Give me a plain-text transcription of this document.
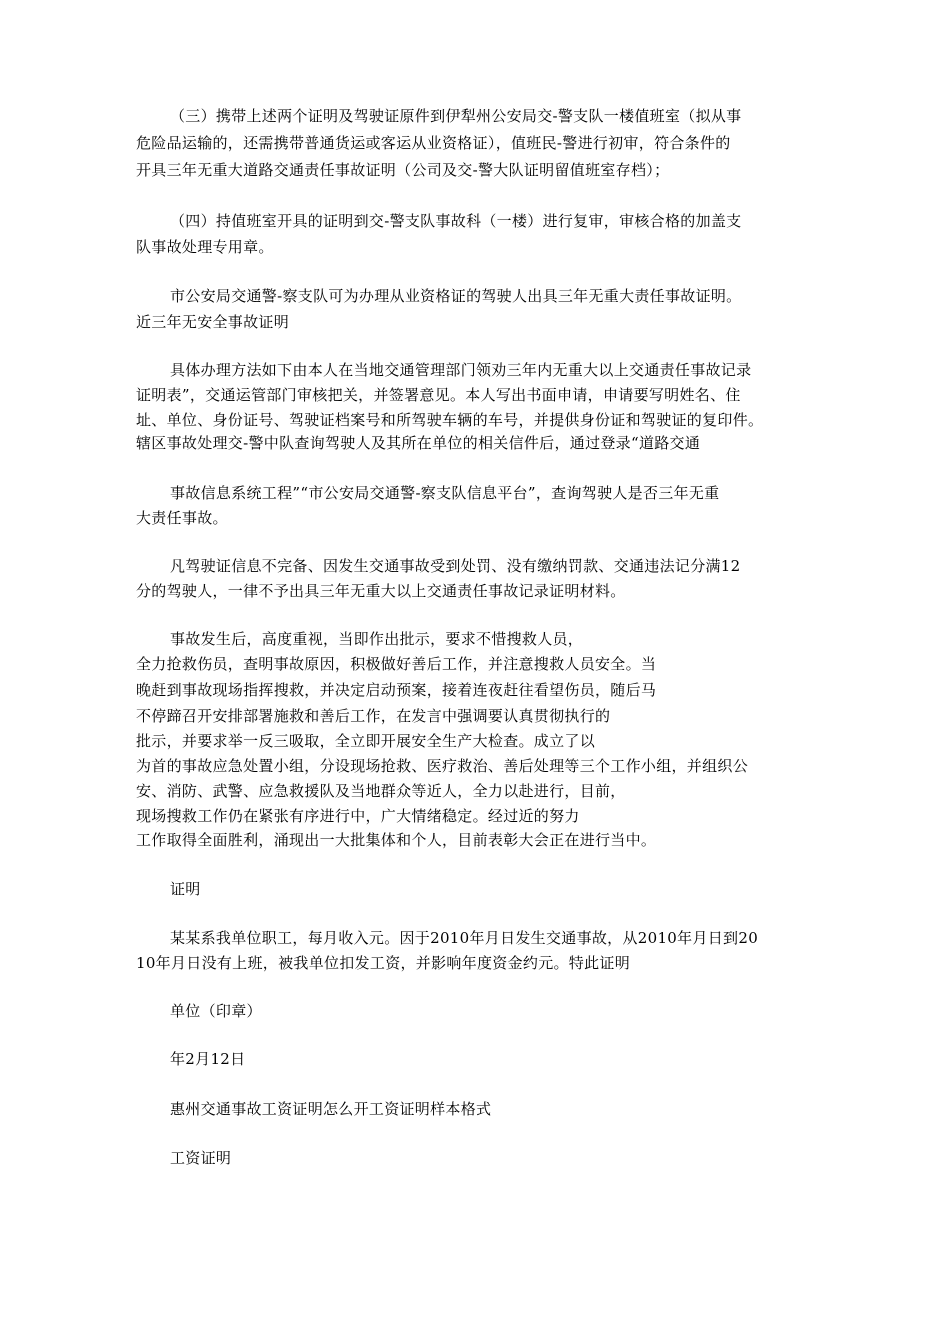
（三）携带上述两个证明及驾驶证原件到伊犁州公安局交-警支队一楼值班室（拟从事
危险品运输的，还需携带普通货运或客运从业资格证），值班民-警进行初审，符合条件的
开具三年无重大道路交通责任事故证明（公司及交-警大队证明留值班室存档）；
（四）持值班室开具的证明到交-警支队事故科（一楼）进行复审，审核合格的加盖支
队事故处理专用章。
市公安局交通警-察支队可为办理从业资格证的驾驶人出具三年无重大责任事故证明。
近三年无安全事故证明
具体办理方法如下由本人在当地交通管理部门领劝三年内无重大以上交通责任事故记录
证明表”，交通运管部门审核把关，并签署意见。本人写出书面申请，申请要写明姓名、住
址、单位、身份证号、驾驶证档案号和所驾驶车辆的车号，并提供身份证和驾驶证的复印件。
辖区事故处理交-警中队查询驾驶人及其所在单位的相关信件后，通过登录“道路交通
事故信息系统工程”“市公安局交通警-察支队信息平台”，查询驾驶人是否三年无重
大责任事故。
凡驾驶证信息不完备、因发生交通事故受到处罚、没有缴纳罚款、交通违法记分满12
分的驾驶人，一律不予出具三年无重大以上交通责任事故记录证明材料。
事故发生后，高度重视，当即作出批示，要求不惜搜救人员，
全力抢救伤员，查明事故原因，积极做好善后工作，并注意搜救人员安全。当
晚赶到事故现场指挥搜救，并决定启动预案，接着连夜赶往看望伤员，随后马
不停蹄召开安排部署施救和善后工作，在发言中强调要认真贯彻执行的
批示，并要求举一反三吸取，全立即开展安全生产大检查。成立了以
为首的事故应急处置小组，分设现场抢救、医疗救治、善后处理等三个工作小组，并组织公
安、消防、武警、应急救援队及当地群众等近人，全力以赴进行，目前，
现场搜救工作仍在紧张有序进行中，广大情绪稳定。经过近的努力
工作取得全面胜利，涌现出一大批集体和个人，目前表彰大会正在进行当中。
证明
某某系我单位职工，每月收入元。因于2010年月日发生交通事故，从2010年月日到20
10年月日没有上班，被我单位扣发工资，并影响年度资金约元。特此证明
单位（印章）
年2月12日
惠州交通事故工资证明怎么开工资证明样本格式
工资证明
